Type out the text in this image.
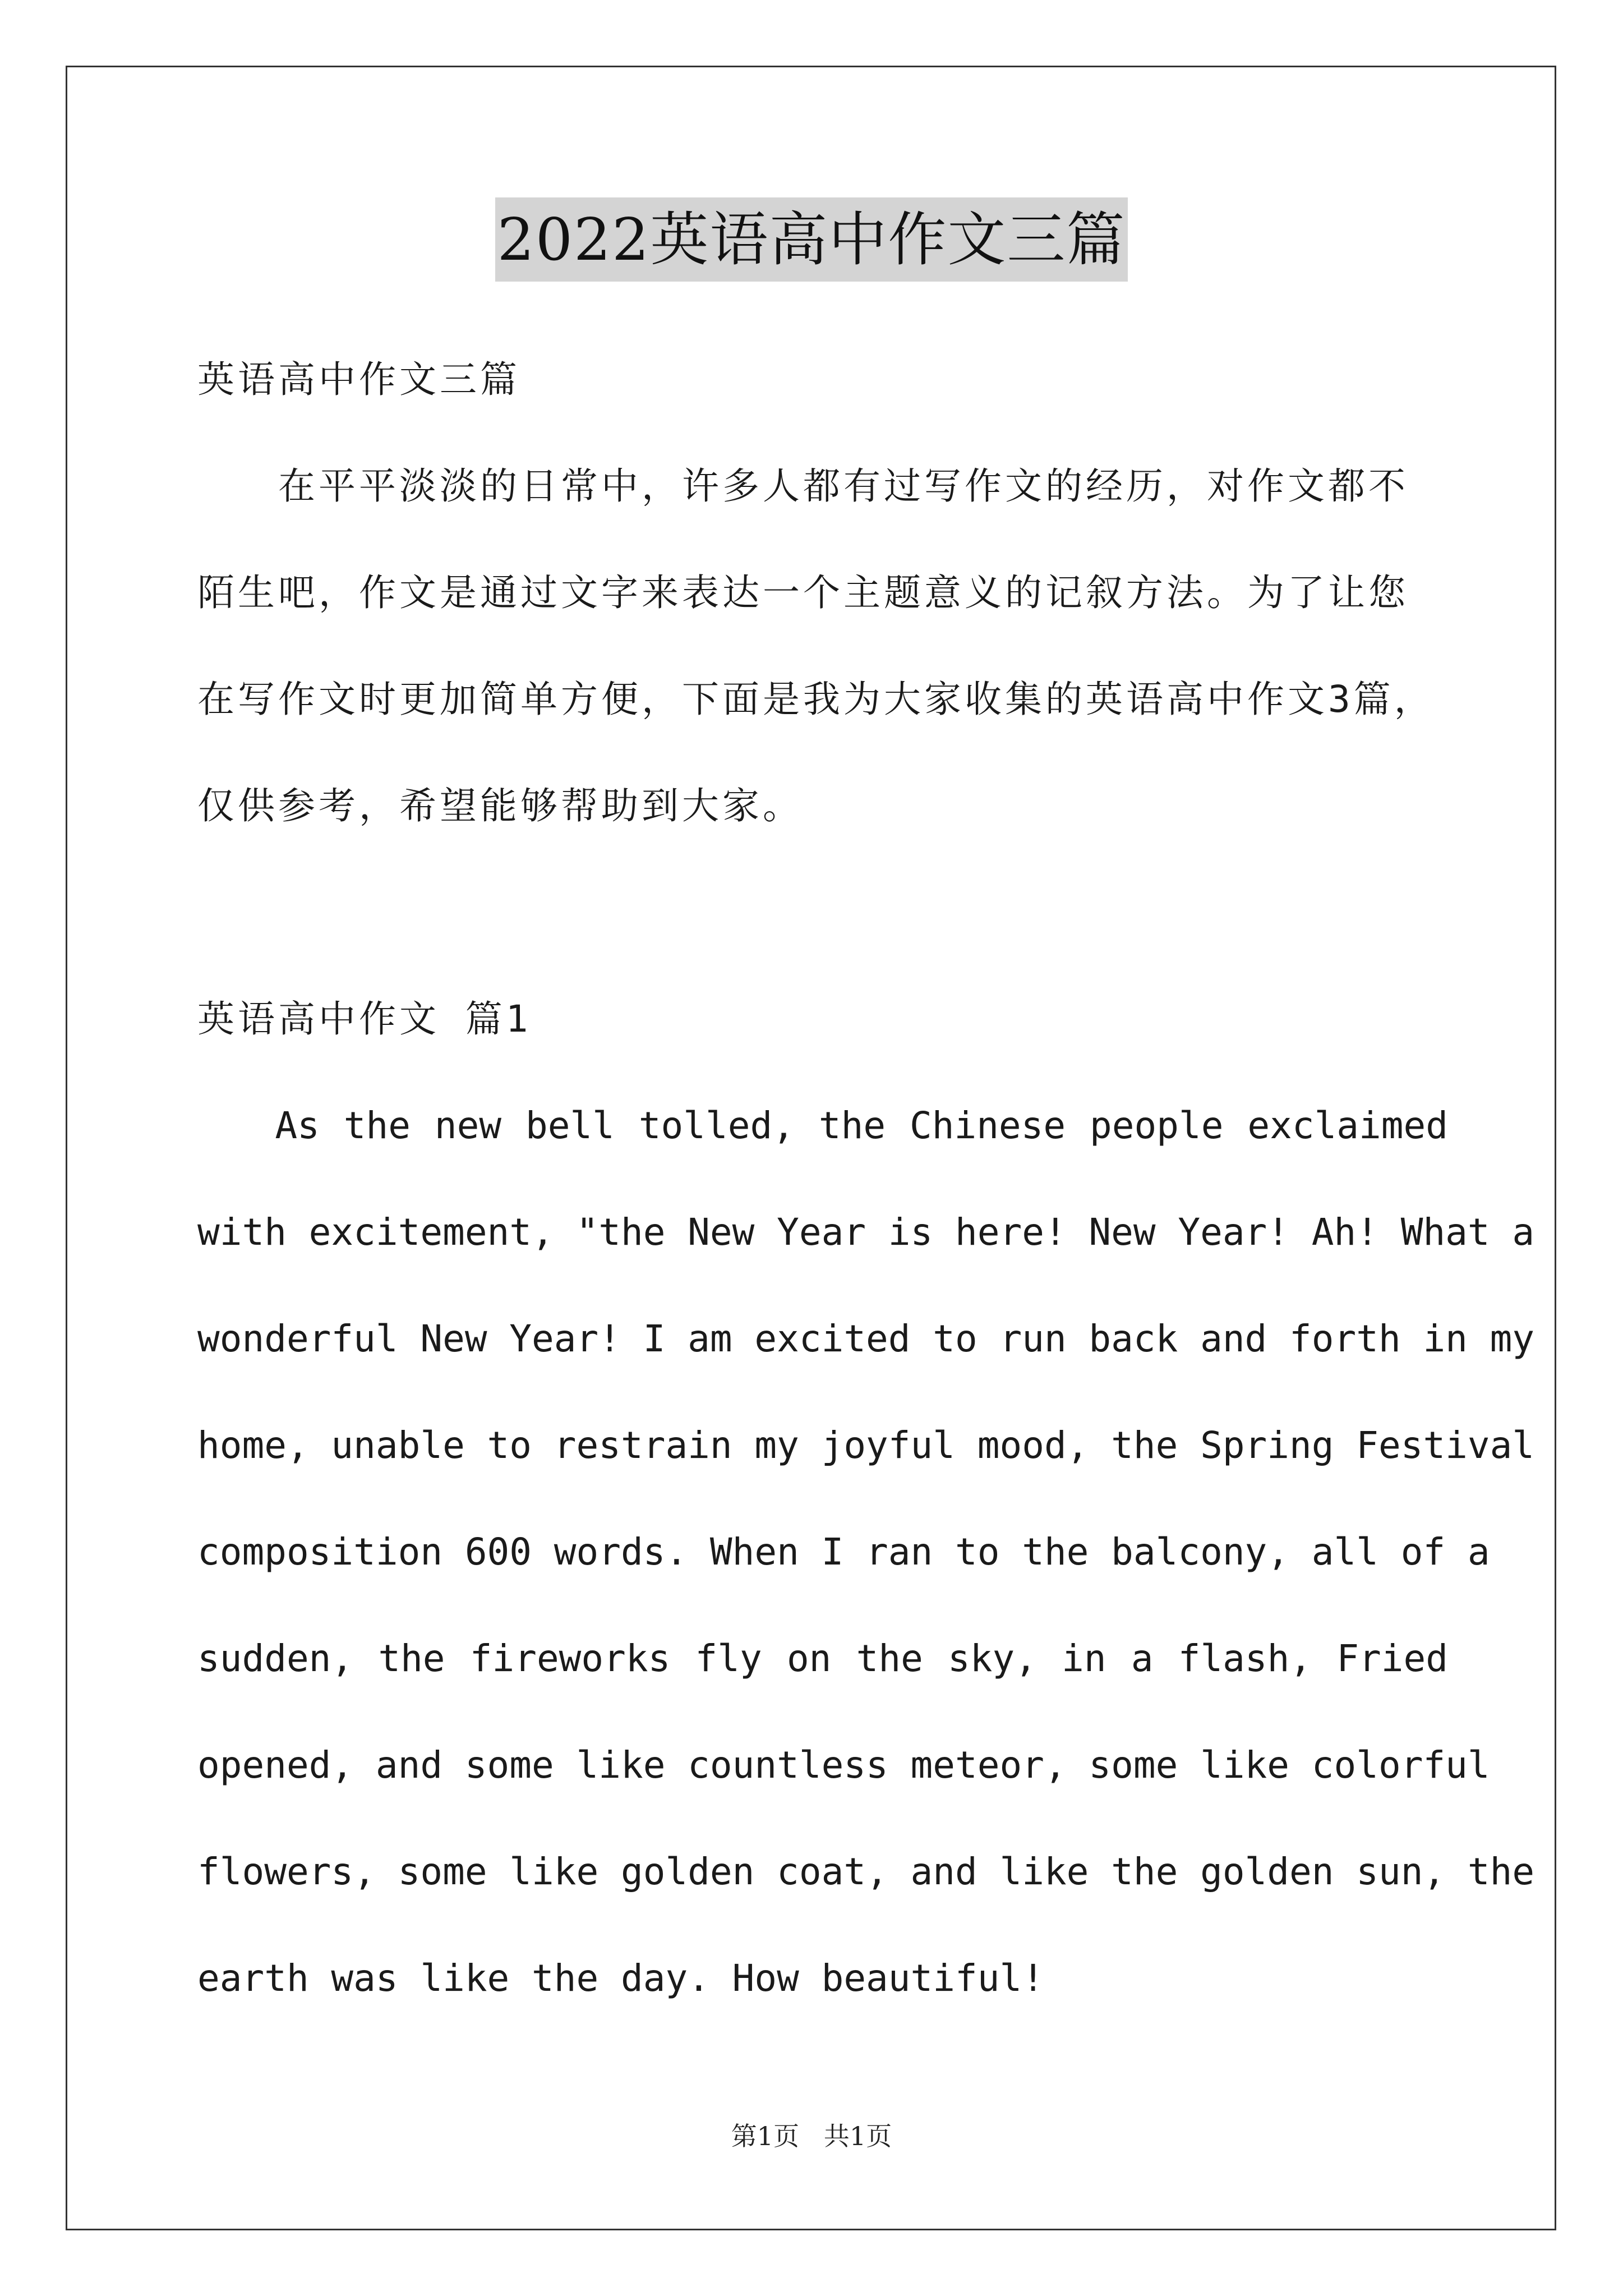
2022英语高中作文三篇
英语高中作文三篇
　　在平平淡淡的日常中，许多人都有过写作文的经历，对作文都不
陌生吧，作文是通过文字来表达一个主题意义的记叙方法。为了让您
在写作文时更加简单方便，下面是我为大家收集的英语高中作文3篇，
仅供参考，希望能够帮助到大家。
英语高中作文 篇1
　　As the new bell tolled, the Chinese people exclaimed
with excitement, "the New Year is here! New Year! Ah! What a
wonderful New Year! I am excited to run back and forth in my
home, unable to restrain my joyful mood, the Spring Festival
composition 600 words. When I ran to the balcony, all of a
sudden, the fireworks fly on the sky, in a flash, Fried
opened, and some like countless meteor, some like colorful
flowers, some like golden coat, and like the golden sun, the
earth was like the day. How beautiful!
第1页   共1页
